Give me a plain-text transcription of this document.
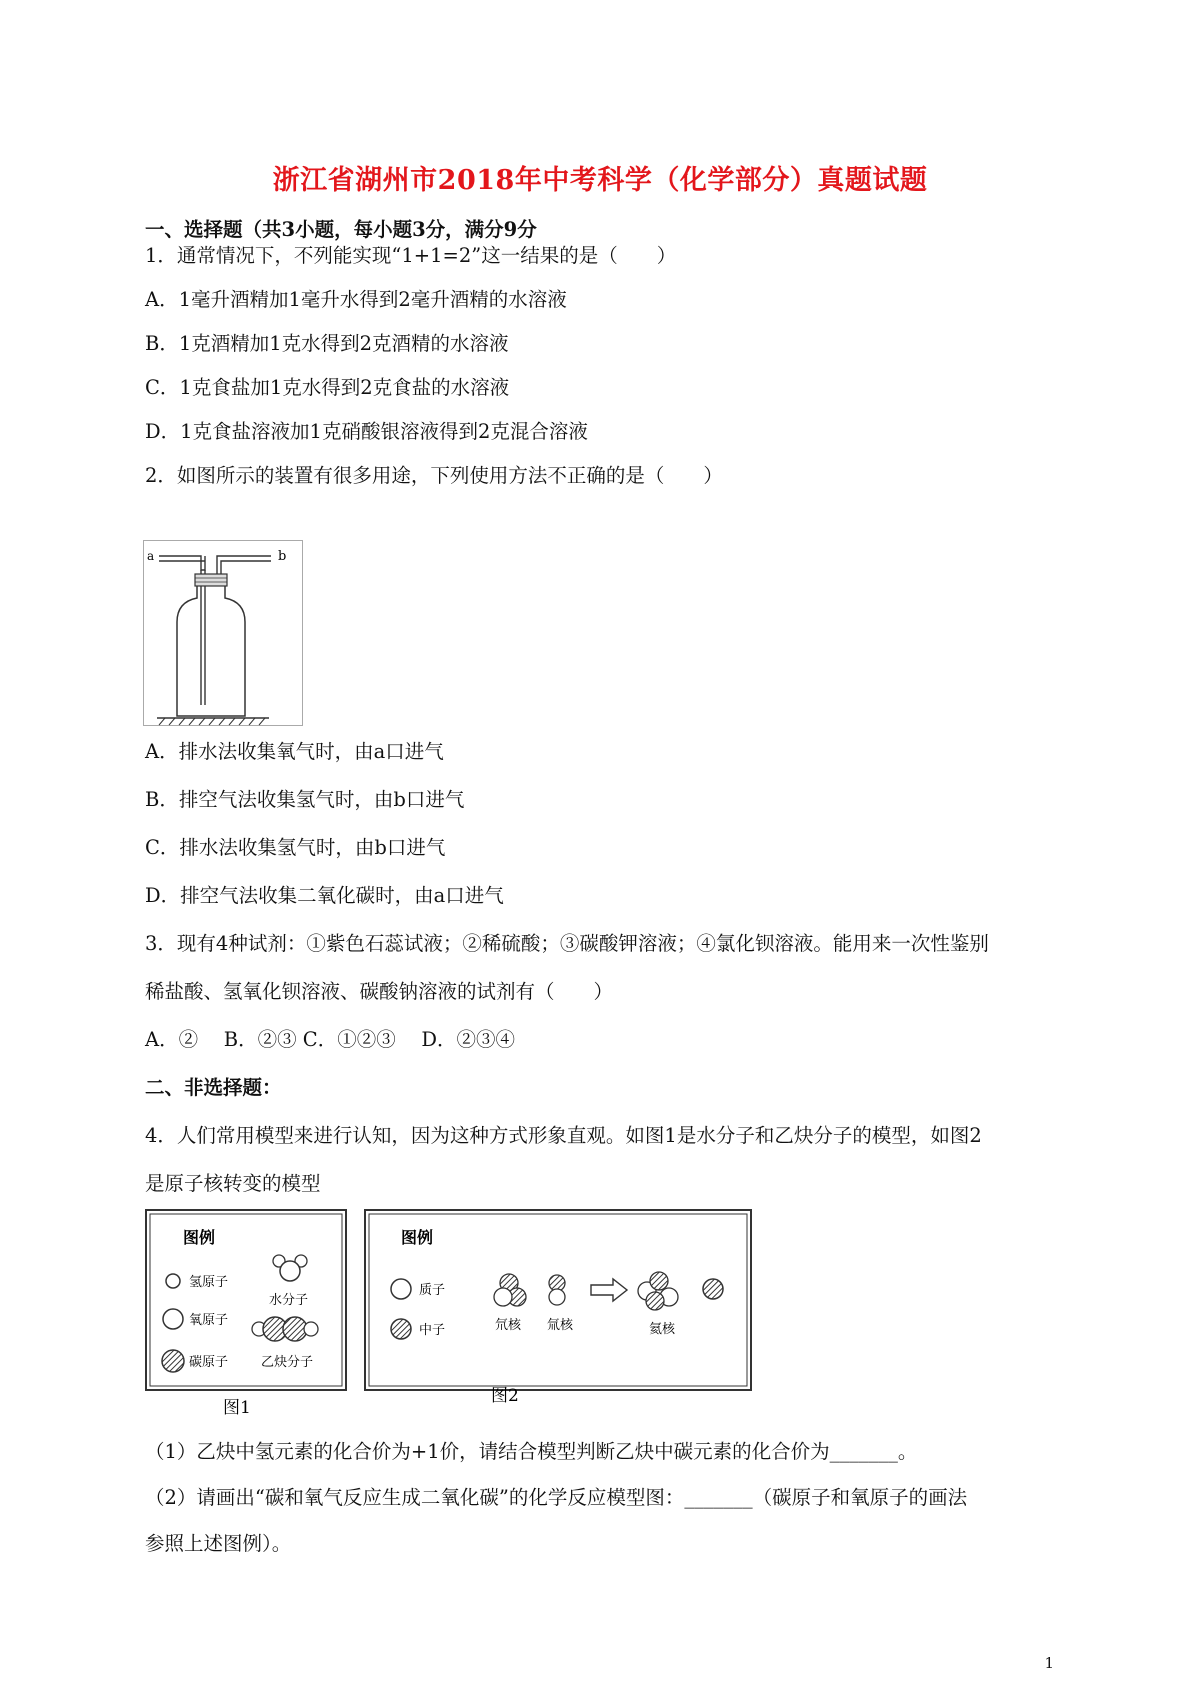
浙江省湖州市2018年中考科学（化学部分）真题试题
一、选择题（共3小题，每小题3分，满分9分
1．通常情况下，不列能实现“1+1=2”这一结果的是（　　）
A．1毫升酒精加1毫升水得到2毫升酒精的水溶液
B．1克酒精加1克水得到2克酒精的水溶液
C．1克食盐加1克水得到2克食盐的水溶液
D．1克食盐溶液加1克硝酸银溶液得到2克混合溶液
2．如图所示的装置有很多用途，下列使用方法不正确的是（　　）
a	b
A．排水法收集氧气时，由a口进气
B．排空气法收集氢气时，由b口进气
C．排水法收集氢气时，由b口进气
D．排空气法收集二氧化碳时，由a口进气
3．现有4种试剂：①紫色石蕊试液；②稀硫酸；③碳酸钾溶液；④氯化钡溶液。能用来一次性鉴别
稀盐酸、氢氧化钡溶液、碳酸钠溶液的试剂有（　　）
A．②　 B．②③ C．①②③　 D．②③④
二、非选择题：
4．人们常用模型来进行认知，因为这种方式形象直观。如图1是水分子和乙炔分子的模型，如图2
是原子核转变的模型
图例
氢原子
氧原子
碳原子
水分子
乙炔分子
图1
图例
质子
中子	氘核 氚核	氦核
图2
（1）乙炔中氢元素的化合价为+1价，请结合模型判断乙炔中碳元素的化合价为_______。
（2）请画出“碳和氧气反应生成二氧化碳”的化学反应模型图：_______（碳原子和氧原子的画法
参照上述图例）。
1
